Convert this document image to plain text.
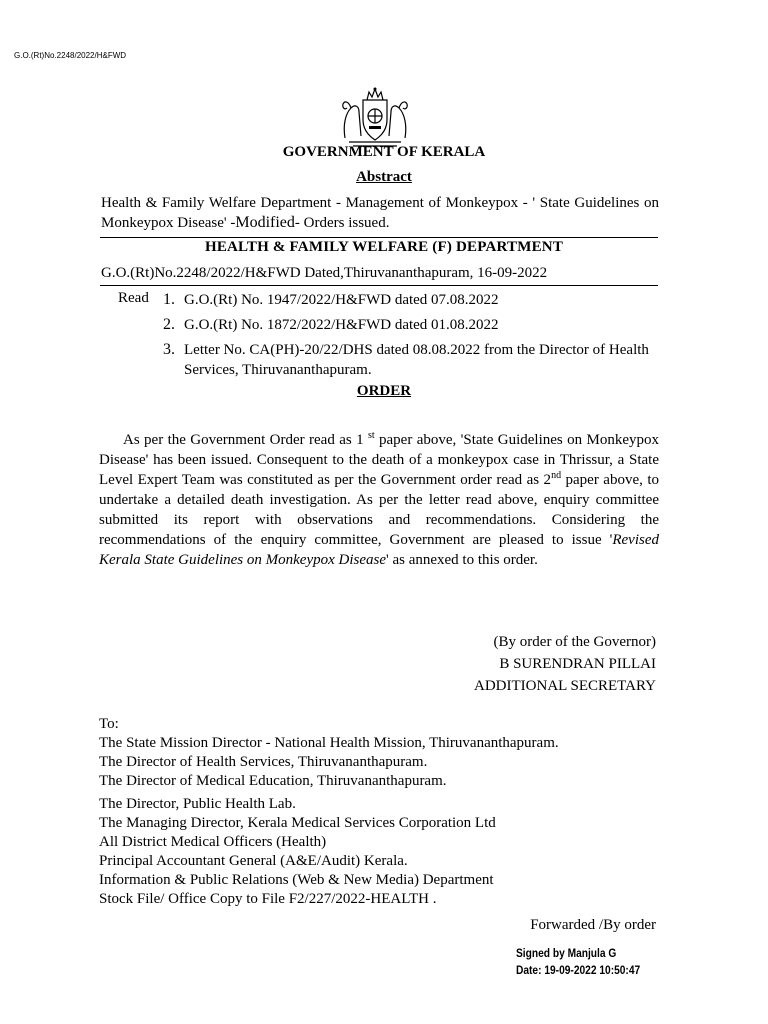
G.O.(Rt)No.2248/2022/H&FWD
GOVERNMENT OF KERALA
Abstract
Health & Family Welfare Department - Management of Monkeypox - ' State Guidelines on Monkeypox Disease' -Modified- Orders issued.
HEALTH & FAMILY WELFARE (F) DEPARTMENT
G.O.(Rt)No.2248/2022/H&FWD Dated,Thiruvananthapuram, 16-09-2022
Read 1. G.O.(Rt) No. 1947/2022/H&FWD dated 07.08.2022
2. G.O.(Rt) No. 1872/2022/H&FWD dated 01.08.2022
3. Letter No. CA(PH)-20/22/DHS dated 08.08.2022 from the Director of Health Services, Thiruvananthapuram.
ORDER

As per the Government Order read as 1 $^{st}$ paper above, 'State Guidelines on Monkeypox Disease' has been issued. Consequent to the death of a monkeypox case in Thrissur, a State Level Expert Team was constituted as per the Government order read as 2nd paper above, to undertake a detailed death investigation. As per the letter read above, enquiry committee submitted its report with observations and recommendations. Considering the recommendations of the enquiry committee, Government are pleased to issue 'Revised Kerala State Guidelines on Monkeypox Disease' as annexed to this order.

(By order of the Governor)
B SURENDRAN PILLAI
ADDITIONAL SECRETARY
To:
The State Mission Director - National Health Mission, Thiruvananthapuram.
The Director of Health Services, Thiruvananthapuram.
The Director of Medical Education, Thiruvananthapuram.
The Director, Public Health Lab.
The Managing Director, Kerala Medical Services Corporation Ltd
All District Medical Officers (Health)
Principal Accountant General (A&E/Audit) Kerala.
Information & Public Relations (Web & New Media) Department
Stock File/ Office Copy to File F2/227/2022-HEALTH .
Forwarded /By order
Signed by Manjula G
Date: 19-09-2022 10:50:47
